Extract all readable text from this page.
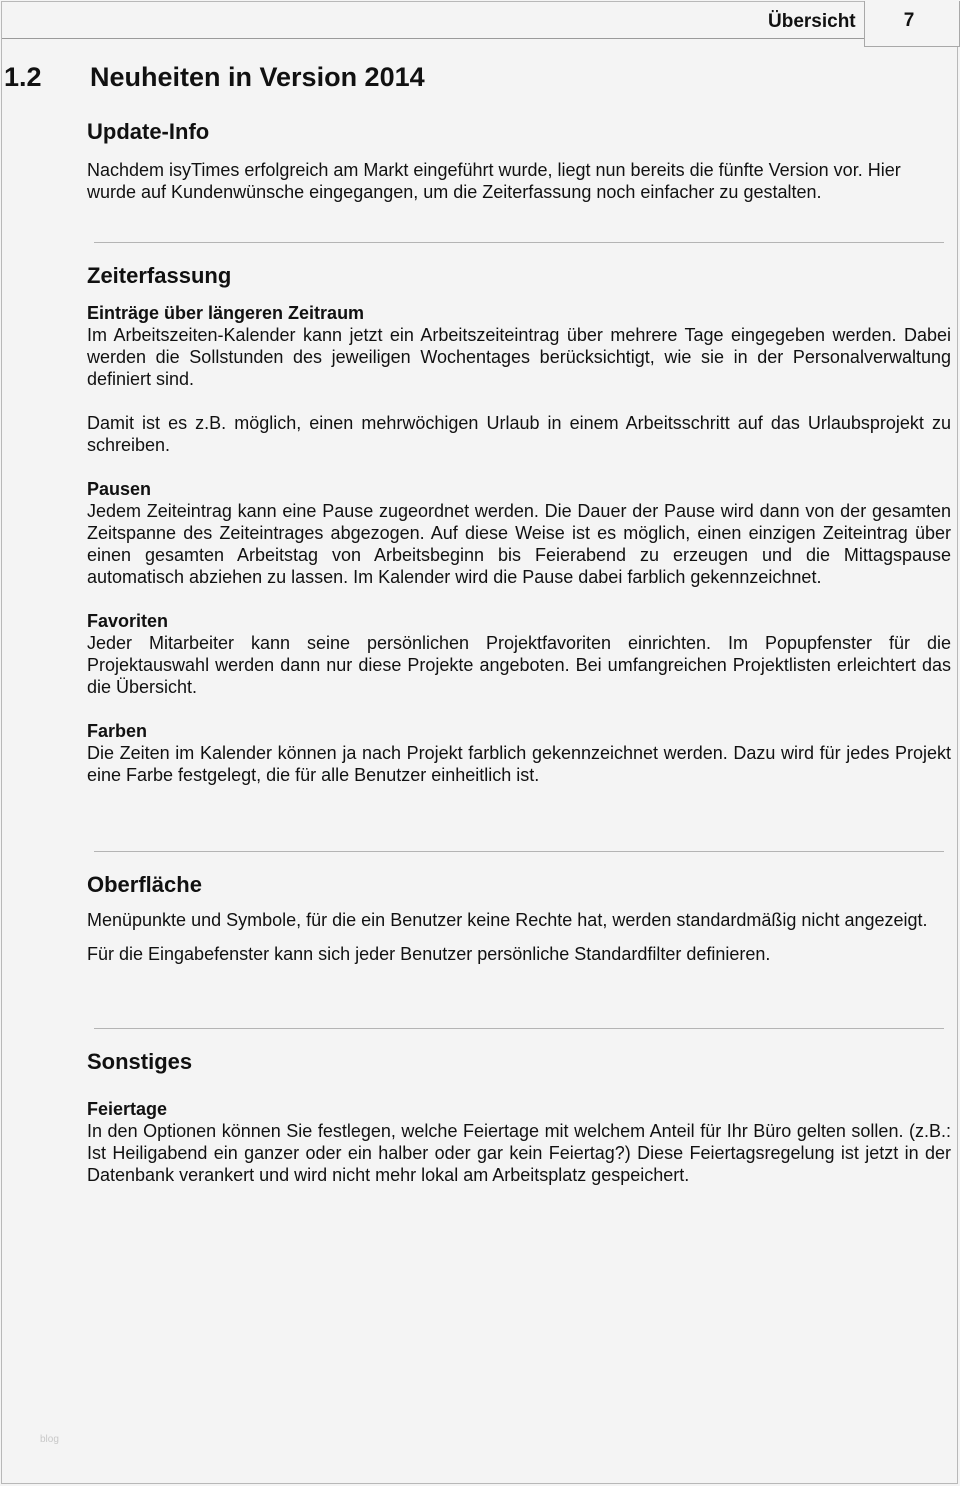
Übersicht	7
1.2 Neuheiten in Version 2014
Update-Info

Nachdem isyTimes erfolgreich am Markt eingeführt wurde, liegt nun bereits die fünfte Version vor. Hier wurde auf Kundenwünsche eingegangen, um die Zeiterfassung noch einfacher zu gestalten.

Zeiterfassung
Einträge über längeren Zeitraum

Im Arbeitszeiten-Kalender kann jetzt ein Arbeitszeiteintrag über mehrere Tage eingegeben werden. Dabei werden die Sollstunden des jeweiligen Wochentages berücksichtigt, wie sie in der Personalverwaltung definiert sind.

Damit ist es z.B. möglich, einen mehrwöchigen Urlaub in einem Arbeitsschritt auf das Urlaubsprojekt zu schreiben.

Pausen

Jedem Zeiteintrag kann eine Pause zugeordnet werden. Die Dauer der Pause wird dann von der gesamten Zeitspanne des Zeiteintrages abgezogen. Auf diese Weise ist es möglich, einen einzigen Zeiteintrag über einen gesamten Arbeitstag von Arbeitsbeginn bis Feierabend zu erzeugen und die Mittagspause automatisch abziehen zu lassen. Im Kalender wird die Pause dabei farblich gekennzeichnet.

Favoriten

Jeder Mitarbeiter kann seine persönlichen Projektfavoriten einrichten. Im Popupfenster für die Projektauswahl werden dann nur diese Projekte angeboten. Bei umfangreichen Projektlisten erleichtert das die Übersicht.

Farben

Die Zeiten im Kalender können ja nach Projekt farblich gekennzeichnet werden. Dazu wird für jedes Projekt eine Farbe festgelegt, die für alle Benutzer einheitlich ist.

Oberfläche

Menüpunkte und Symbole, für die ein Benutzer keine Rechte hat, werden standardmäßig nicht angezeigt.

Für die Eingabefenster kann sich jeder Benutzer persönliche Standardfilter definieren.

Sonstiges
Feiertage

In den Optionen können Sie festlegen, welche Feiertage mit welchem Anteil für Ihr Büro gelten sollen. (z.B.: Ist Heiligabend ein ganzer oder ein halber oder gar kein Feiertag?) Diese Feiertagsregelung ist jetzt in der Datenbank verankert und wird nicht mehr lokal am Arbeitsplatz gespeichert.

blog
